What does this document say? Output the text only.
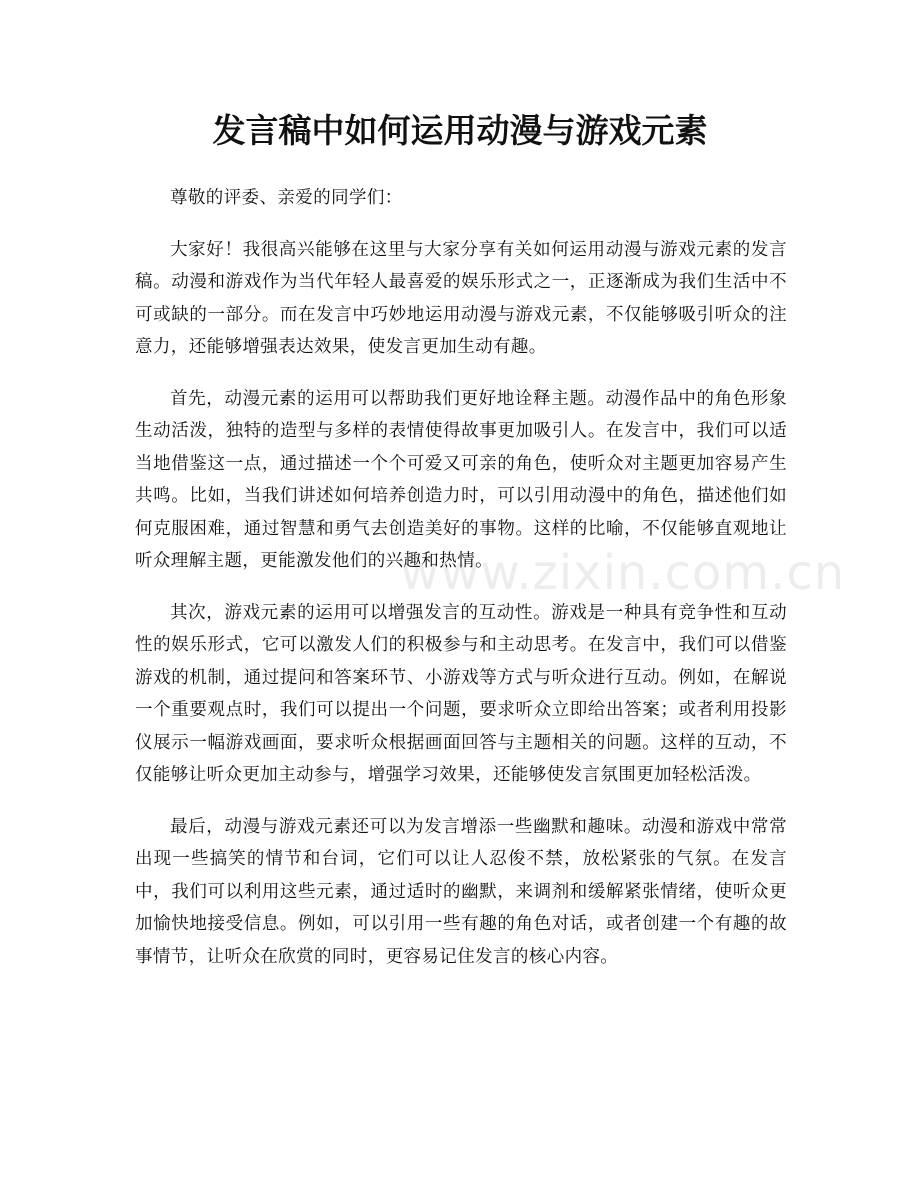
发言稿中如何运用动漫与游戏元素

尊敬的评委、亲爱的同学们：

大家好！我很高兴能够在这里与大家分享有关如何运用动漫与游戏元素的发言稿。动漫和游戏作为当代年轻人最喜爱的娱乐形式之一，正逐渐成为我们生活中不可或缺的一部分。而在发言中巧妙地运用动漫与游戏元素，不仅能够吸引听众的注意力，还能够增强表达效果，使发言更加生动有趣。

首先，动漫元素的运用可以帮助我们更好地诠释主题。动漫作品中的角色形象生动活泼，独特的造型与多样的表情使得故事更加吸引人。在发言中，我们可以适当地借鉴这一点，通过描述一个个可爱又可亲的角色，使听众对主题更加容易产生共鸣。比如，当我们讲述如何培养创造力时，可以引用动漫中的角色，描述他们如何克服困难，通过智慧和勇气去创造美好的事物。这样的比喻，不仅能够直观地让听众理解主题，更能激发他们的兴趣和热情。

其次，游戏元素的运用可以增强发言的互动性。游戏是一种具有竞争性和互动性的娱乐形式，它可以激发人们的积极参与和主动思考。在发言中，我们可以借鉴游戏的机制，通过提问和答案环节、小游戏等方式与听众进行互动。例如，在解说一个重要观点时，我们可以提出一个问题，要求听众立即给出答案；或者利用投影仪展示一幅游戏画面，要求听众根据画面回答与主题相关的问题。这样的互动，不仅能够让听众更加主动参与，增强学习效果，还能够使发言氛围更加轻松活泼。

最后，动漫与游戏元素还可以为发言增添一些幽默和趣味。动漫和游戏中常常出现一些搞笑的情节和台词，它们可以让人忍俊不禁，放松紧张的气氛。在发言中，我们可以利用这些元素，通过适时的幽默，来调剂和缓解紧张情绪，使听众更加愉快地接受信息。例如，可以引用一些有趣的角色对话，或者创建一个有趣的故事情节，让听众在欣赏的同时，更容易记住发言的核心内容。

www.zixin.com.cn
